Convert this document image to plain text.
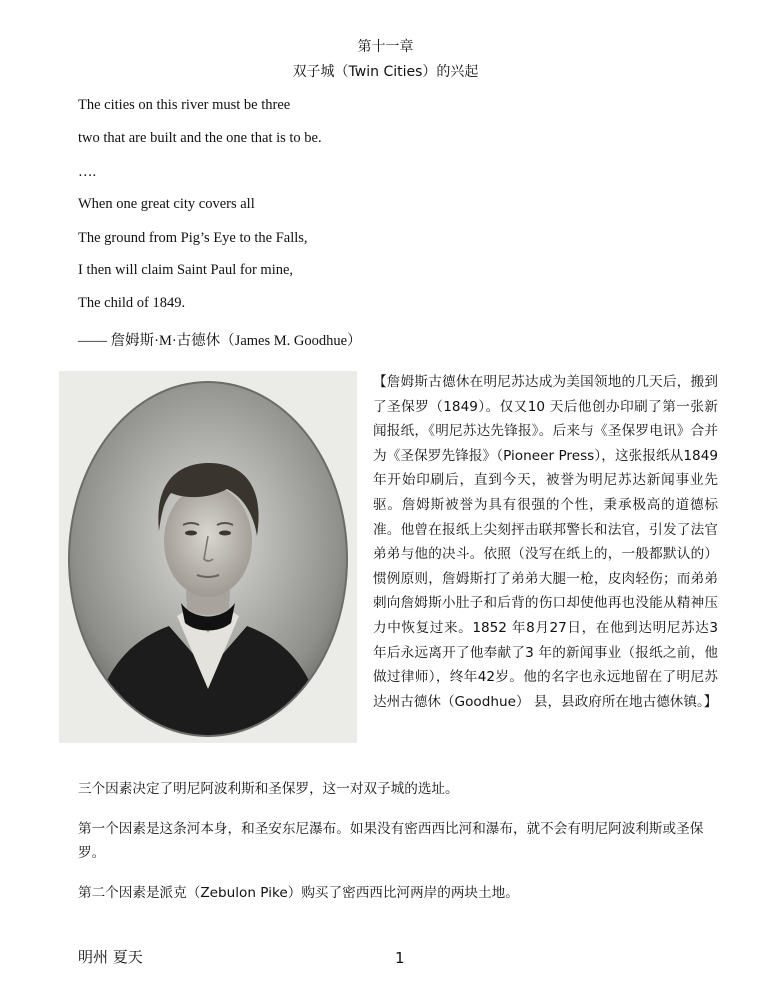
第十一章
双子城（Twin Cities）的兴起
The cities on this river must be three
two that are built and the one that is to be.
….
When one great city covers all
The ground from Pig’s Eye to the Falls,
I then will claim Saint Paul for mine,
The child of 1849.
—— 詹姆斯·M·古德休（James M. Goodhue）
【詹姆斯古德休在明尼苏达成为美国领地的几天后，搬到了圣保罗（1849）。仅又10 天后他创办印刷了第一张新闻报纸，《明尼苏达先锋报》。后来与《圣保罗电讯》合并为《圣保罗先锋报》（Pioneer Press），这张报纸从1849年开始印刷后，直到今天，被誉为明尼苏达新闻事业先驱。詹姆斯被誉为具有很强的个性，秉承极高的道德标准。他曾在报纸上尖刻抨击联邦警长和法官，引发了法官弟弟与他的决斗。依照（没写在纸上的，一般都默认的）惯例原则，詹姆斯打了弟弟大腿一枪，皮肉轻伤；而弟弟刺向詹姆斯小肚子和后背的伤口却使他再也没能从精神压力中恢复过来。1852 年8月27日，在他到达明尼苏达3 年后永远离开了他奉献了3 年的新闻事业（报纸之前，他做过律师），终年42岁。他的名字也永远地留在了明尼苏达州古德休（Goodhue） 县，县政府所在地古德休镇。】
三个因素决定了明尼阿波利斯和圣保罗，这一对双子城的选址。
第一个因素是这条河本身，和圣安东尼瀑布。如果没有密西西比河和瀑布，就不会有明尼阿波利斯或圣保罗。
第二个因素是派克（Zebulon Pike）购买了密西西比河两岸的两块土地。
明州 夏天	1
